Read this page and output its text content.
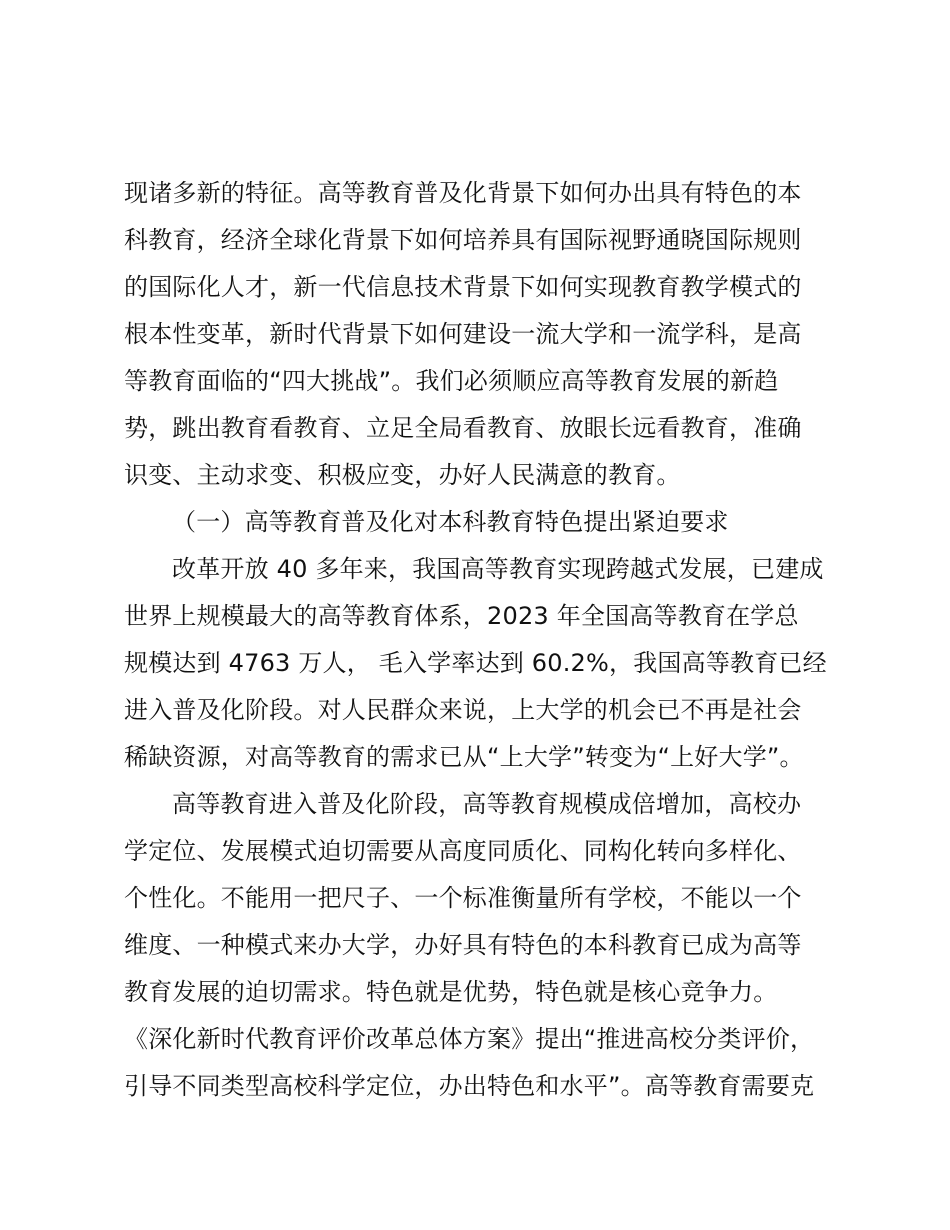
现诸多新的特征。高等教育普及化背景下如何办出具有特色的本
科教育，经济全球化背景下如何培养具有国际视野通晓国际规则
的国际化人才，新一代信息技术背景下如何实现教育教学模式的
根本性变革，新时代背景下如何建设一流大学和一流学科，是高
等教育面临的“四大挑战”。我们必须顺应高等教育发展的新趋
势，跳出教育看教育、立足全局看教育、放眼长远看教育，准确
识变、主动求变、积极应变，办好人民满意的教育。
（一）高等教育普及化对本科教育特色提出紧迫要求
改革开放 40 多年来，我国高等教育实现跨越式发展，已建成
世界上规模最大的高等教育体系，2023 年全国高等教育在学总
规模达到 4763 万人， 毛入学率达到 60.2%，我国高等教育已经
进入普及化阶段。对人民群众来说，上大学的机会已不再是社会
稀缺资源，对高等教育的需求已从“上大学”转变为“上好大学”。
高等教育进入普及化阶段，高等教育规模成倍增加，高校办
学定位、发展模式迫切需要从高度同质化、同构化转向多样化、
个性化。不能用一把尺子、一个标准衡量所有学校，不能以一个
维度、一种模式来办大学，办好具有特色的本科教育已成为高等
教育发展的迫切需求。特色就是优势，特色就是核心竞争力。
《深化新时代教育评价改革总体方案》提出“推进高校分类评价，
引导不同类型高校科学定位，办出特色和水平”。高等教育需要克
